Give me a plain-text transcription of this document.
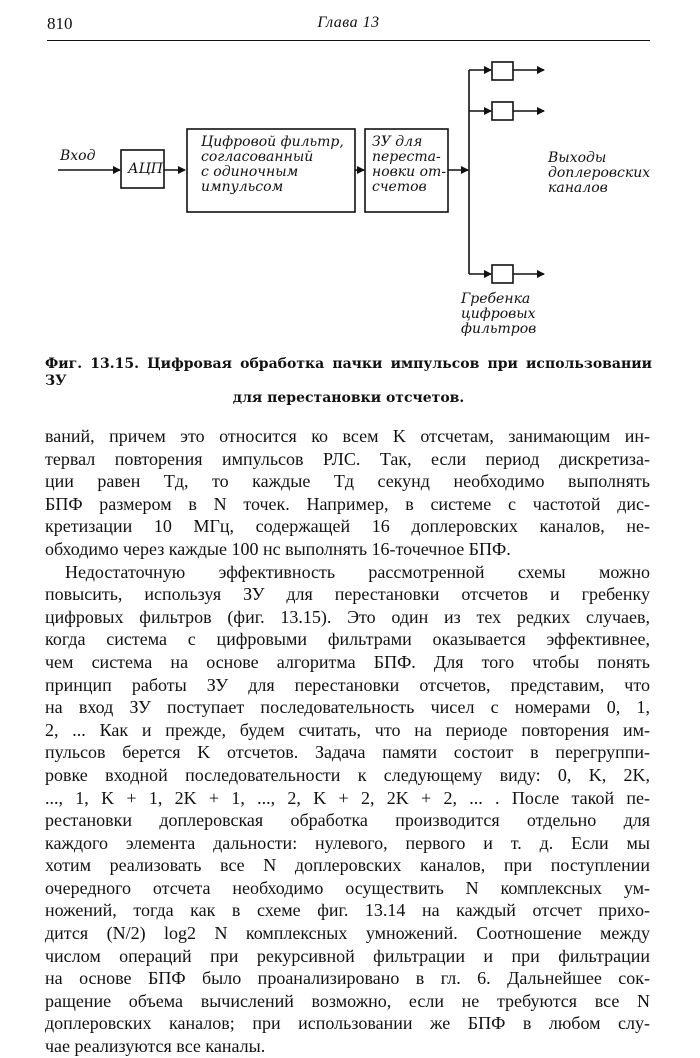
810	Глава 13
Вход
АЦП
Цифровой фильтр,
согласованный
с одиночным
импульсом
ЗУ для
переста-
новки от-
счетов
Выходы
доплеровских
каналов
Гребенка
цифровых
фильтров
Фиг. 13.15. Цифровая обработка пачки импульсов при использовании ЗУ
для перестановки отсчетов.
ваний, причем это относится ко всем K отсчетам, занимающим ин-
тервал повторения импульсов РЛС. Так, если период дискретиза-
ции равен Tд, то каждые Tд секунд необходимо выполнять
БПФ размером в N точек. Например, в системе с частотой дис-
кретизации 10 МГц, содержащей 16 доплеровских каналов, не-
обходимо через каждые 100 нс выполнять 16-точечное БПФ.
Недостаточную эффективность рассмотренной схемы можно
повысить, используя ЗУ для перестановки отсчетов и гребенку
цифровых фильтров (фиг. 13.15). Это один из тех редких случаев,
когда система с цифровыми фильтрами оказывается эффективнее,
чем система на основе алгоритма БПФ. Для того чтобы понять
принцип работы ЗУ для перестановки отсчетов, представим, что
на вход ЗУ поступает последовательность чисел с номерами 0, 1,
2, ... Как и прежде, будем считать, что на периоде повторения им-
пульсов берется K отсчетов. Задача памяти состоит в перегруппи-
ровке входной последовательности к следующему виду: 0, K, 2K,
..., 1, K + 1, 2K + 1, ..., 2, K + 2, 2K + 2, ... . После такой пе-
рестановки доплеровская обработка производится отдельно для
каждого элемента дальности: нулевого, первого и т. д. Если мы
хотим реализовать все N доплеровских каналов, при поступлении
очередного отсчета необходимо осуществить N комплексных ум-
ножений, тогда как в схеме фиг. 13.14 на каждый отсчет прихо-
дится (N/2) log2 N комплексных умножений. Соотношение между
числом операций при рекурсивной фильтрации и при фильтрации
на основе БПФ было проанализировано в гл. 6. Дальнейшее сок-
ращение объема вычислений возможно, если не требуются все N
доплеровских каналов; при использовании же БПФ в любом слу-
чае реализуются все каналы.
